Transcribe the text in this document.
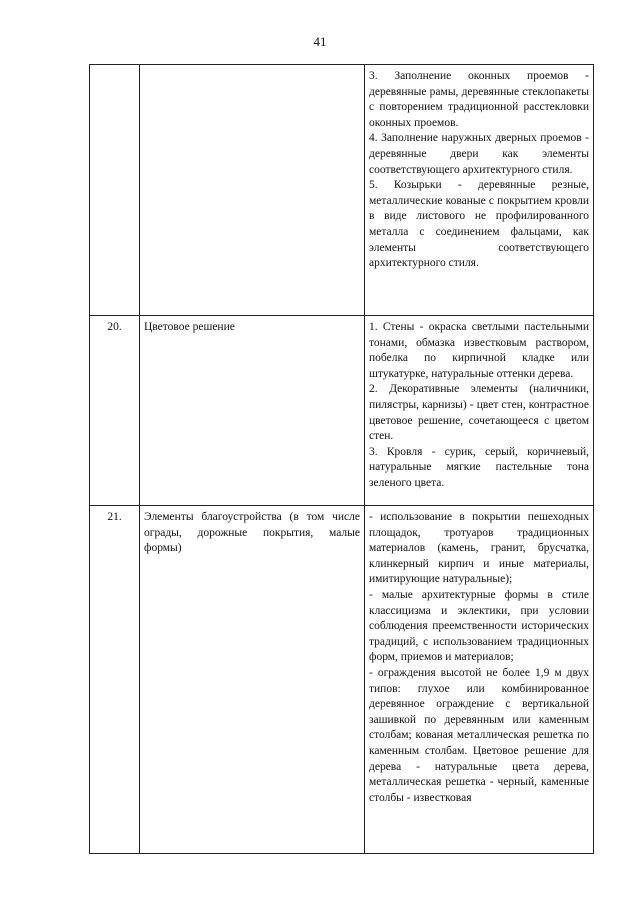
41

		3. Заполнение оконных проемов - деревянные рамы, деревянные стеклопакеты с повторением традиционной расстекловки оконных проемов.
4. Заполнение наружных дверных проемов - деревянные двери как элементы соответствующего архитектурного стиля.
5. Козырьки - деревянные резные, металлические кованые с покрытием кровли в виде листового не профилированного металла с соединением фальцами, как элементы соответствующего архитектурного стиля.

20.	Цветовое решение	1. Стены - окраска светлыми пастельными тонами, обмазка известковым раствором, побелка по кирпичной кладке или штукатурке, натуральные оттенки дерева.
2. Декоративные элементы (наличники, пилястры, карнизы) - цвет стен, контрастное цветовое решение, сочетающееся с цветом стен.
3. Кровля - сурик, серый, коричневый, натуральные мягкие пастельные тона зеленого цвета.

21.	Элементы благоустройства (в том числе ограды, дорожные покрытия, малые формы)	- использование в покрытии пешеходных площадок, тротуаров традиционных материалов (камень, гранит, брусчатка, клинкерный кирпич и иные материалы, имитирующие натуральные);
- малые архитектурные формы в стиле классицизма и эклектики, при условии соблюдения преемственности исторических традиций, с использованием традиционных форм, приемов и материалов;
- ограждения высотой не более 1,9 м двух типов: глухое или комбинированное деревянное ограждение с вертикальной зашивкой по деревянным или каменным столбам; кованая металлическая решетка по каменным столбам. Цветовое решение для дерева - натуральные цвета дерева, металлическая решетка - черный, каменные столбы - известковая
